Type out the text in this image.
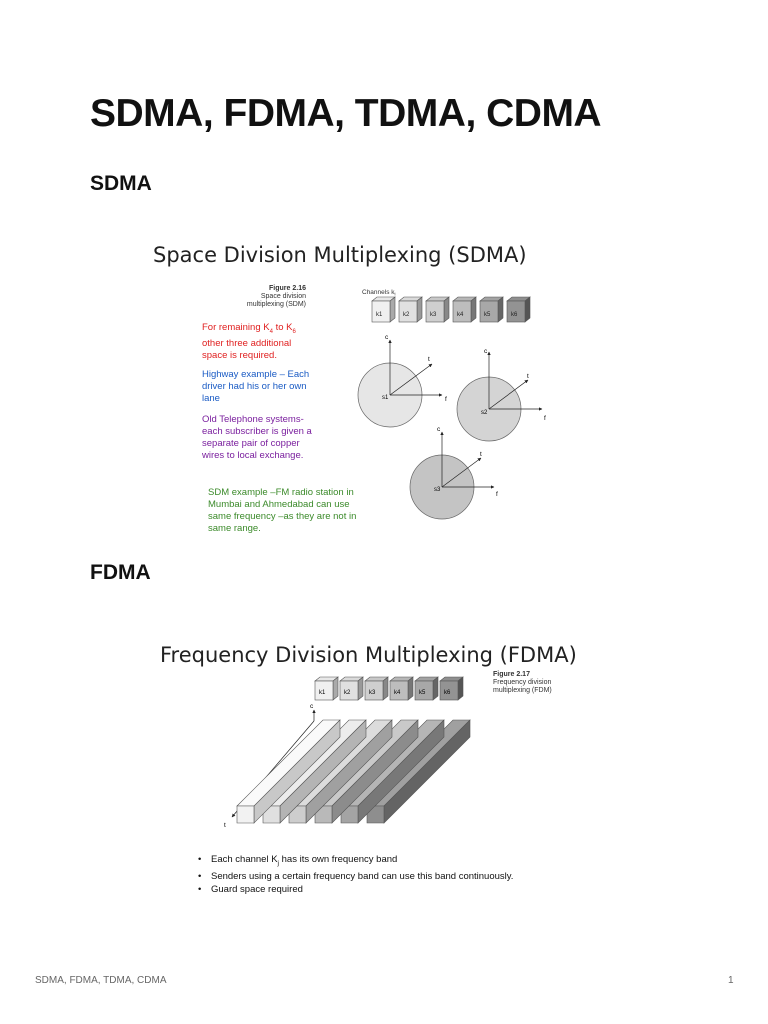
SDMA, FDMA, TDMA, CDMA
SDMA
Space Division Multiplexing (SDMA)
Figure 2.16
Space division multiplexing (SDM)
For remaining $K_4$ to $K_6$ other three additional space is required.
Highway example – Each driver had his or her own lane
Old Telephone systems- each subscriber is given a separate pair of copper wires to local exchange.
SDM example –FM radio station in Mumbai and Ahmedabad can use same frequency –as they are not in same range.
Channels $k_i$
k1	k2	k3	k4	k5	k6
c
t
f
s1
c
t
f
s2
c
t
f
s3
FDMA
Frequency Division Multiplexing (FDMA)
Figure 2.17
Frequency division multiplexing (FDM)
k1	k2	k3	k4	k5	k6
c
t
• Each channel $K_j$ has its own frequency band
• Senders using a certain frequency band can use this band continuously.
• Guard space required
SDMA, FDMA, TDMA, CDMA	1
